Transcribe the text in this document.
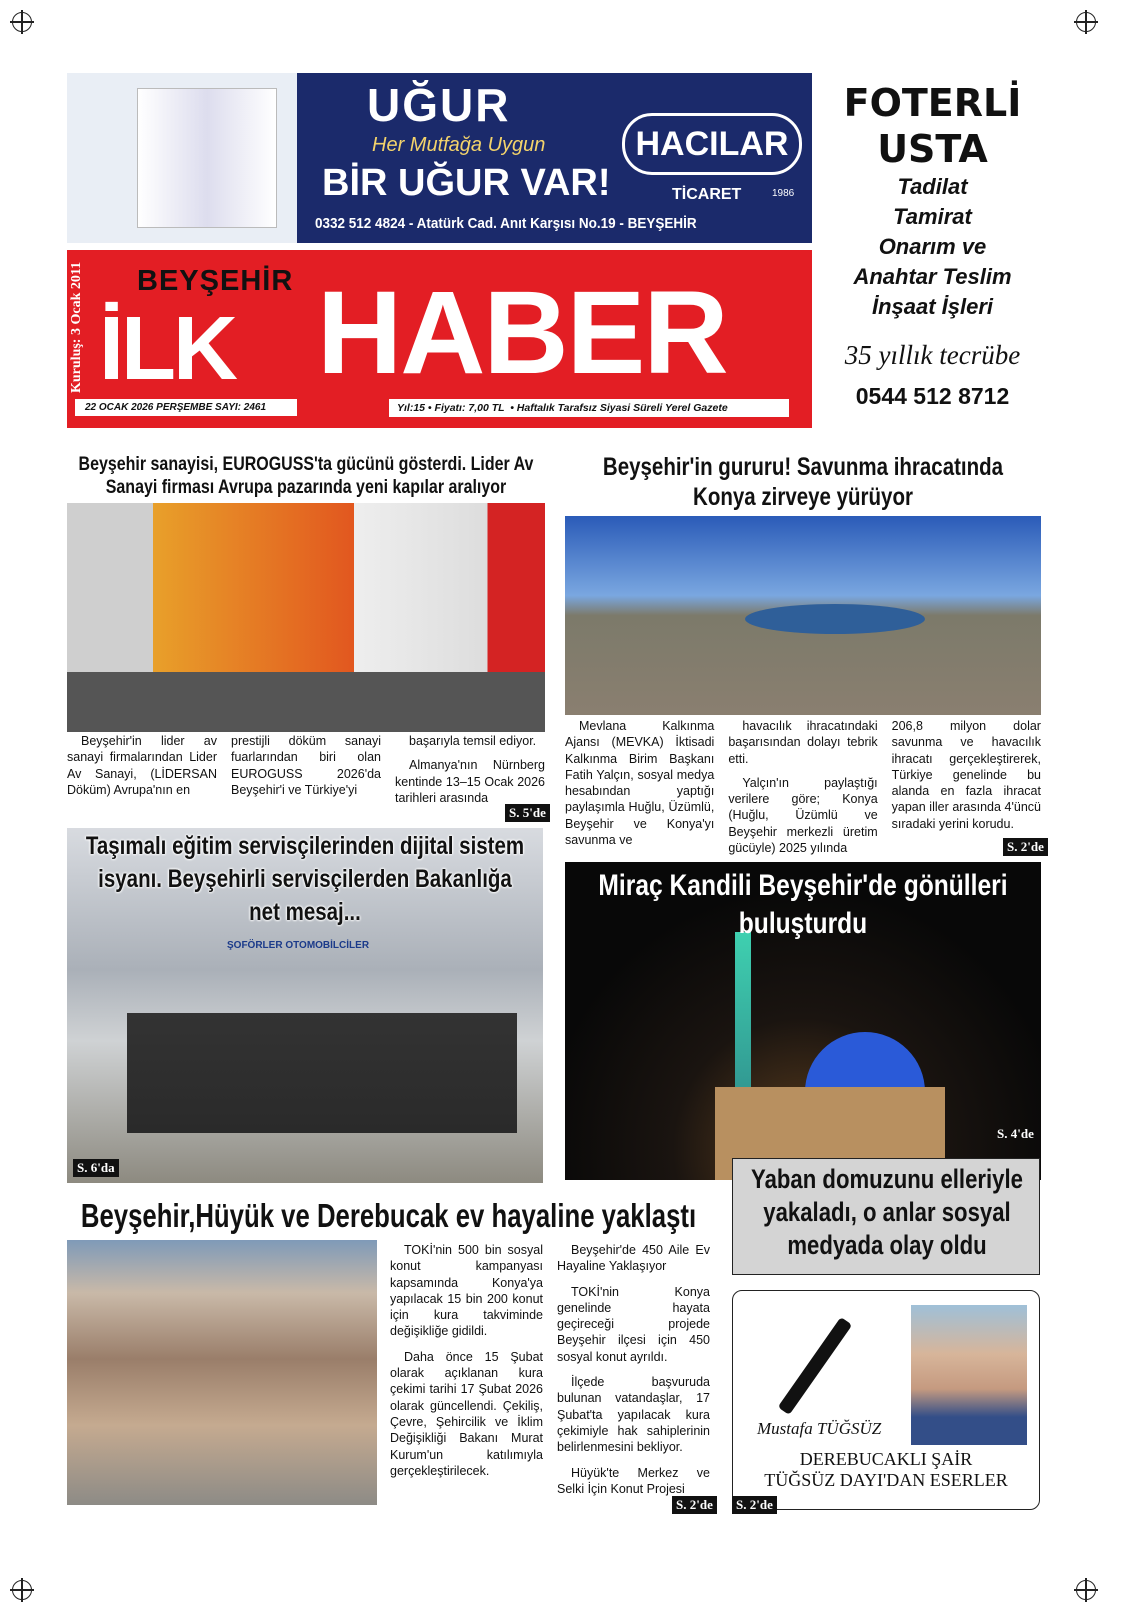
UĞUR
Her Mutfağa Uygun
BİR UĞUR VAR!
HACILAR
1986
TİCARET
0332 512 4824 - Atatürk Cad. Anıt Karşısı No.19 - BEYŞEHİR
FOTERLİ
USTA
Tadilat
Tamirat
Onarım ve
Anahtar Teslim
İnşaat İşleri
35 yıllık tecrübe
0544 512 8712
Kuruluş: 3 Ocak 2011 BEYŞEHİR
İLK HABER
22 OCAK 2026 PERŞEMBE SAYI: 2461	Yıl:15 • Fiyatı: 7,00 TL  • Haftalık Tarafsız Siyasi Süreli Yerel Gazete
Beyşehir sanayisi, EUROGUSS'ta gücünü gösterdi. Lider Av Sanayi firması Avrupa pazarında yeni kapılar aralıyor

Beyşehir'in lider av sanayi firmalarından Lider Av Sanayi, (LİDERSAN Döküm) Avrupa'nın en

prestijli döküm sanayi fuarlarından biri olan EUROGUSS 2026'da Beyşehir'i ve Türkiye'yi

başarıyla temsil ediyor.
Almanya'nın Nürnberg kentinde 13–15 Ocak 2026 tarihleri arasında

S. 5'de
Beyşehir'in gururu! Savunma ihracatında Konya zirveye yürüyor

Mevlana Kalkınma Ajansı (MEVKA) İktisadi Kalkınma Birim Başkanı Fatih Yalçın, sosyal medya hesabından yaptığı paylaşımla Huğlu, Üzümlü, Beyşehir ve Konya'yı savunma ve

havacılık ihracatındaki başarısından dolayı tebrik etti.
Yalçın'ın paylaştığı verilere göre; Konya (Huğlu, Üzümlü ve Beyşehir merkezli üretim gücüyle) 2025 yılında

206,8 milyon dolar savunma ve havacılık ihracatı gerçekleştirerek, Türkiye genelinde bu alanda en fazla ihracat yapan iller arasında 4'üncü sıradaki yerini korudu.

S. 2'de
ŞOFÖRLER OTOMOBİLCİLER
Taşımalı eğitim servisçilerinden dijital sistem isyanı. Beyşehirli servisçilerden Bakanlığa net mesaj...
S. 6'da
Miraç Kandili Beyşehir'de gönülleri buluşturdu
S. 4'de
Yaban domuzunu elleriyle yakaladı, o anlar sosyal medyada olay oldu
Beyşehir,Hüyük ve Derebucak ev hayaline yaklaştı

TOKİ'nin 500 bin sosyal konut kampanyası kapsamında Konya'ya yapılacak 15 bin 200 konut için kura takviminde değişikliğe gidildi.
Daha önce 15 Şubat olarak açıklanan kura çekimi tarihi 17 Şubat 2026 olarak güncellendi. Çekiliş, Çevre, Şehircilik ve İklim Değişikliği Bakanı Murat Kurum'un katılımıyla gerçekleştirilecek.

Beyşehir'de 450 Aile Ev Hayaline Yaklaşıyor
TOKİ'nin Konya genelinde hayata geçireceği projede Beyşehir ilçesi için 450 sosyal konut ayrıldı.
İlçede başvuruda bulunan vatandaşlar, 17 Şubat'ta yapılacak kura çekimiyle hak sahiplerinin belirlenmesini bekliyor.
Hüyük'te Merkez ve Selki İçin Konut Projesi

S. 2'de
Mustafa TÜĞSÜZ
DEREBUCAKLI ŞAİR
TÜĞSÜZ DAYI'DAN ESERLER
S. 2'de
